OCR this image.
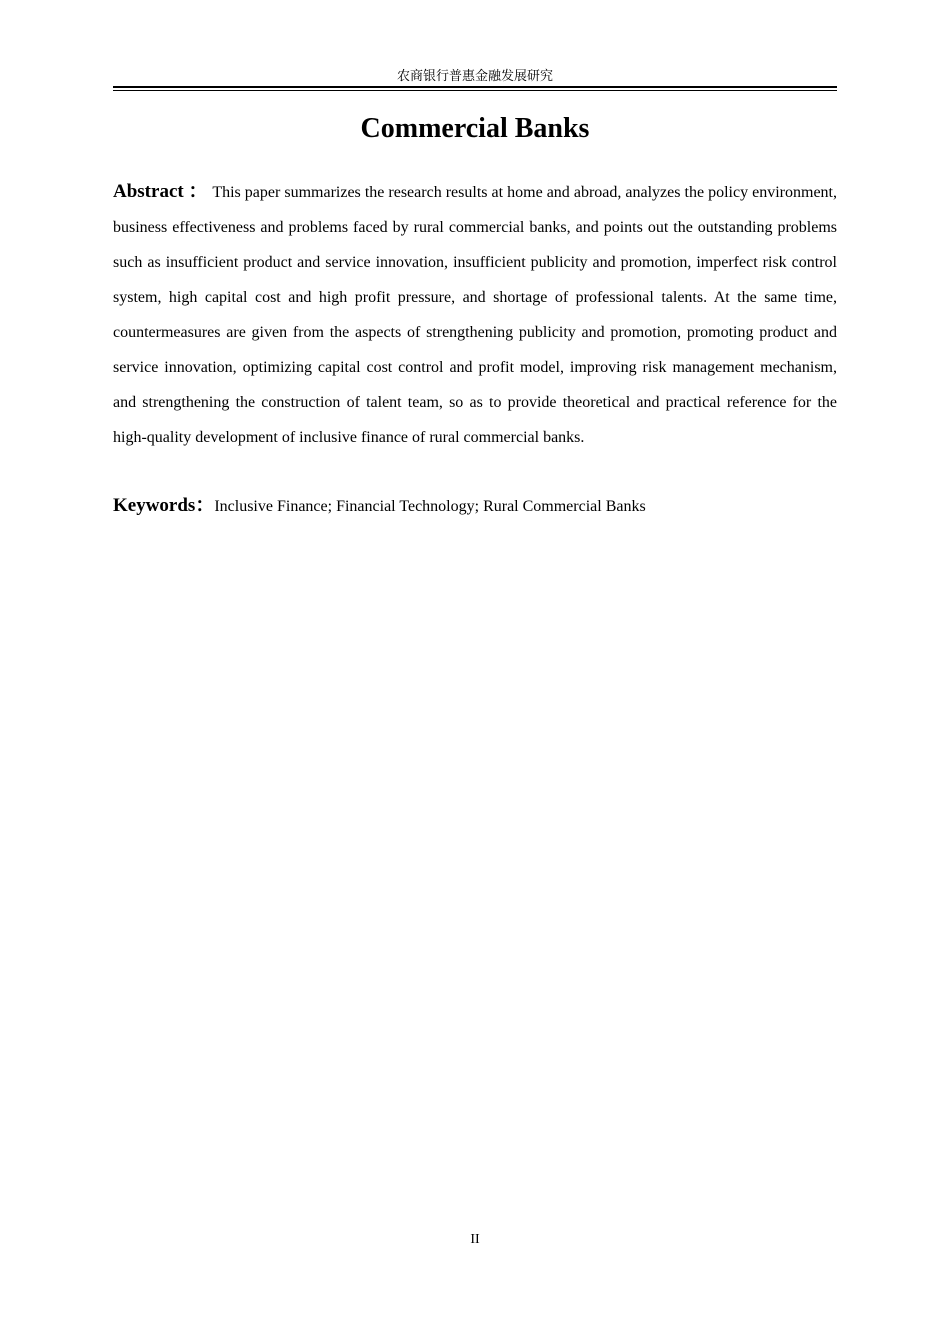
农商银行普惠金融发展研究
Commercial Banks

Abstract ： This paper summarizes the research results at home and abroad, analyzes the policy environment, business effectiveness and problems faced by rural commercial banks, and points out the outstanding problems such as insufficient product and service innovation, insufficient publicity and promotion, imperfect risk control system, high capital cost and high profit pressure, and shortage of professional talents. At the same time, countermeasures are given from the aspects of strengthening publicity and promotion, promoting product and service innovation, optimizing capital cost control and profit model, improving risk management mechanism, and strengthening the construction of talent team, so as to provide theoretical and practical reference for the high-quality development of inclusive finance of rural commercial banks.

Keywords：Inclusive Finance; Financial Technology; Rural Commercial Banks

II
